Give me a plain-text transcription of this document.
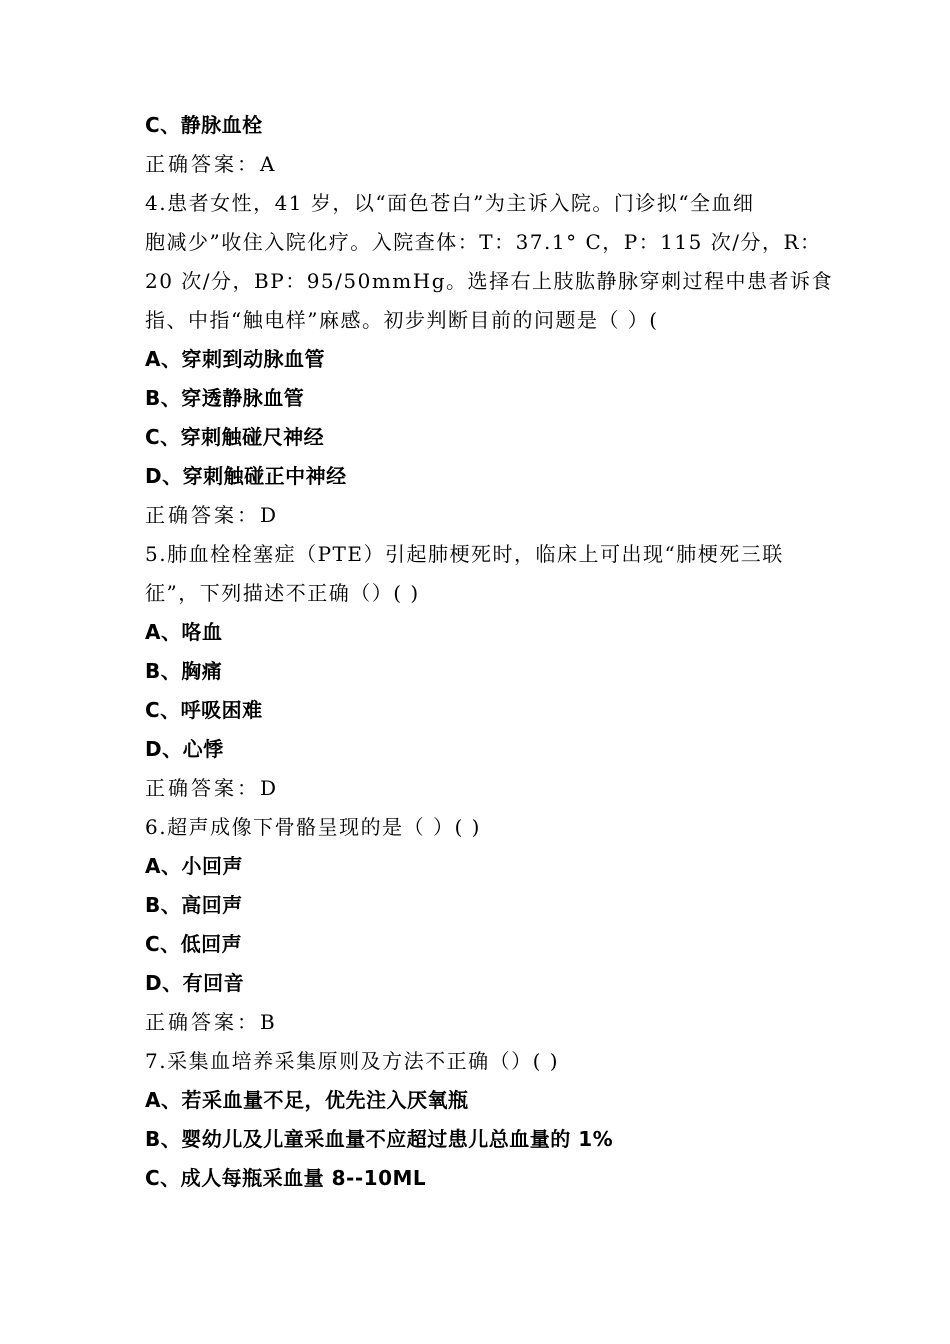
C、静脉血栓
正确答案：A
4.患者女性，41 岁，以“面色苍白”为主诉入院。门诊拟“全血细
胞减少”收住入院化疗。入院查体：T：37.1° C，P：115 次/分，R：
20 次/分，BP：95/50mmHg。选择右上肢肱静脉穿刺过程中患者诉食
指、中指“触电样”麻感。初步判断目前的问题是（ ）(
A、穿刺到动脉血管
B、穿透静脉血管
C、穿刺触碰尺神经
D、穿刺触碰正中神经
正确答案：D
5.肺血栓栓塞症（PTE）引起肺梗死时，临床上可出现“肺梗死三联
征”，下列描述不正确（）( )
A、咯血
B、胸痛
C、呼吸困难
D、心悸
正确答案：D
6.超声成像下骨骼呈现的是（ ）( )
A、小回声
B、高回声
C、低回声
D、有回音
正确答案：B
7.采集血培养采集原则及方法不正确（）( )
A、若采血量不足，优先注入厌氧瓶
B、婴幼儿及儿童采血量不应超过患儿总血量的 1%
C、成人每瓶采血量 8--10ML
